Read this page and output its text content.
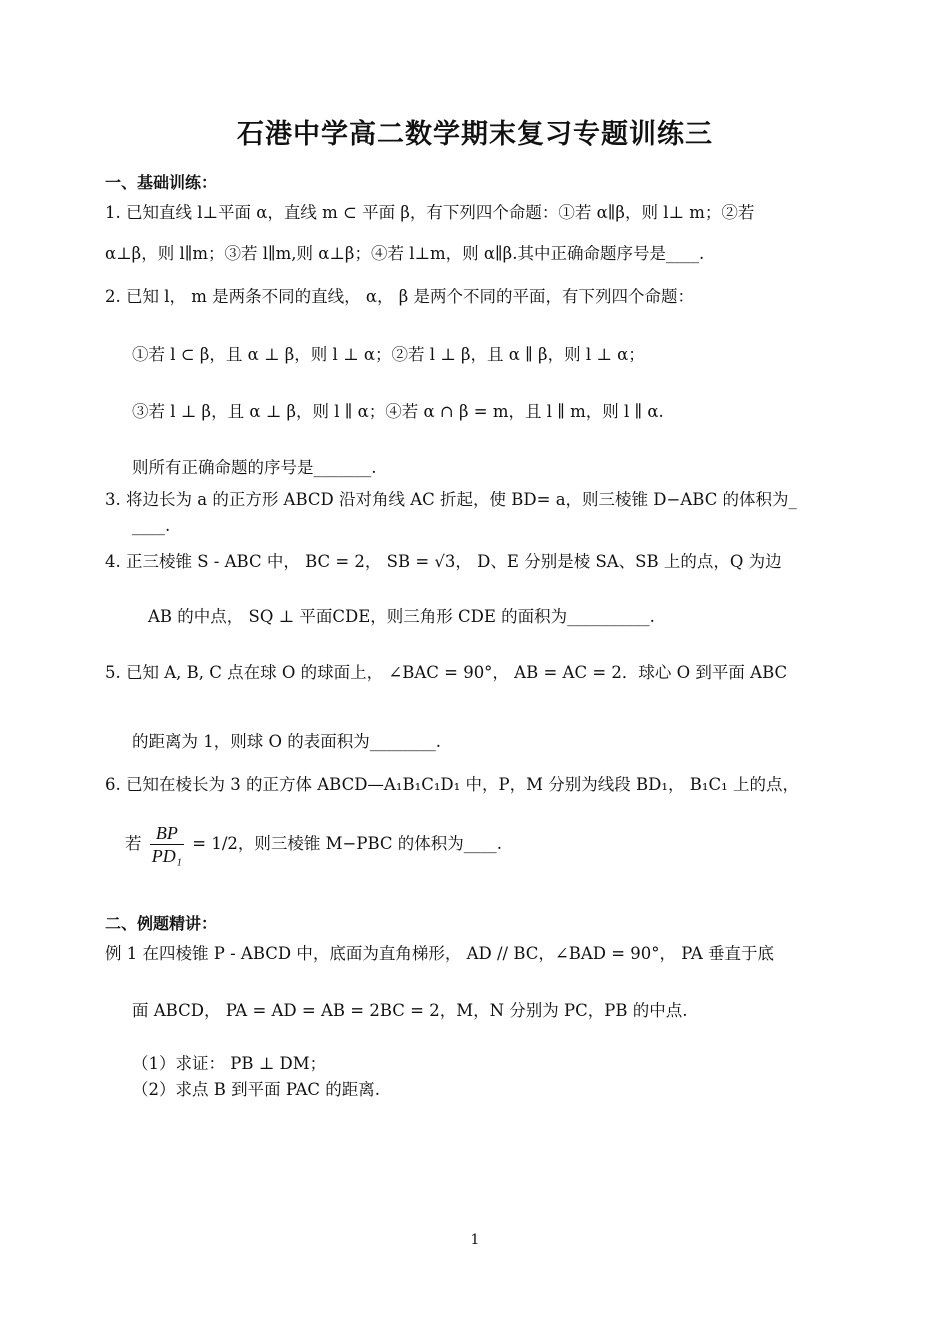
石港中学高二数学期末复习专题训练三
一、基础训练：
1. 已知直线 l⊥平面 α，直线 m ⊂ 平面 β，有下列四个命题：①若 α∥β，则 l⊥ m；②若
α⊥β，则 l∥m；③若 l∥m,则 α⊥β；④若 l⊥m，则 α∥β.其中正确命题序号是____.
2. 已知 l， m 是两条不同的直线， α， β 是两个不同的平面，有下列四个命题：
①若 l ⊂ β，且 α ⊥ β，则 l ⊥ α；②若 l ⊥ β，且 α ∥ β，则 l ⊥ α；
③若 l ⊥ β，且 α ⊥ β，则 l ∥ α；④若 α ∩ β = m，且 l ∥ m，则 l ∥ α.
则所有正确命题的序号是_______.
3. 将边长为 a 的正方形 ABCD 沿对角线 AC 折起，使 BD= a，则三棱锥 D−ABC 的体积为_
____.
4. 正三棱锥 S - ABC 中， BC = 2， SB = √3， D、E 分别是棱 SA、SB 上的点，Q 为边
AB 的中点， SQ ⊥ 平面CDE，则三角形 CDE 的面积为__________.
5. 已知 A, B, C 点在球 O 的球面上， ∠BAC = 90°， AB = AC = 2．球心 O 到平面 ABC
的距离为 1，则球 O 的表面积为________.
6. 已知在棱长为 3 的正方体 ABCD—A₁B₁C₁D₁ 中，P，M 分别为线段 BD₁， B₁C₁ 上的点，
若 $\frac{BP}{\text{PD₁}} = 1/2$，则三棱锥 M−PBC 的体积为____.
二、例题精讲：
例 1 在四棱锥 P - ABCD 中，底面为直角梯形， AD // BC，∠BAD = 90°， PA 垂直于底
面 ABCD， PA = AD = AB = 2BC = 2，M，N 分别为 PC，PB 的中点.
（1）求证： PB ⊥ DM；
（2）求点 B 到平面 PAC 的距离.
1
